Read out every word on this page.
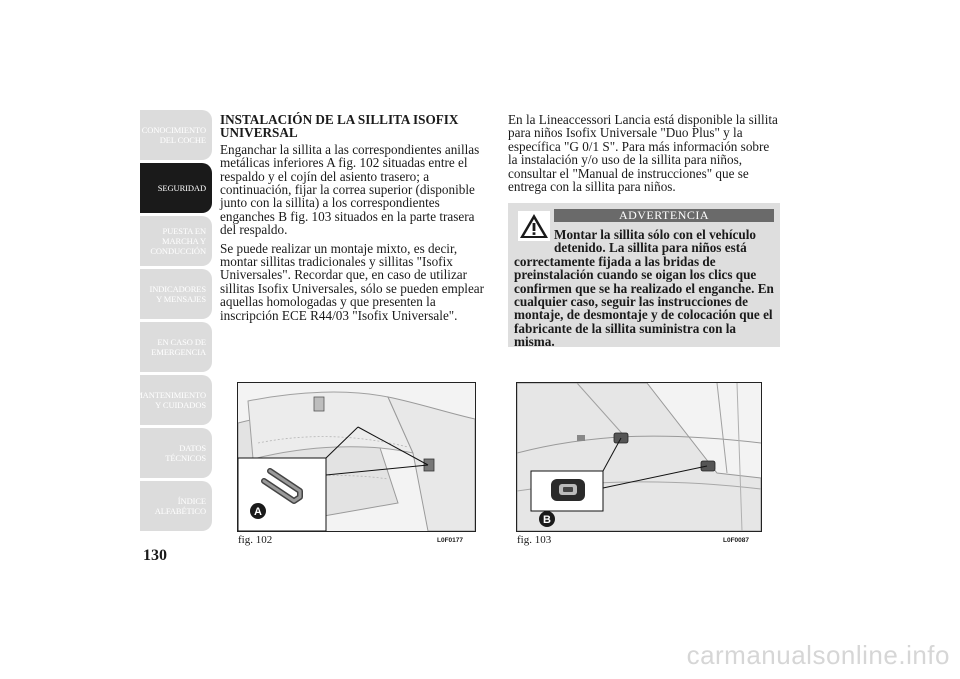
CONOCIMIENTO DEL COCHE
SEGURIDAD
PUESTA EN MARCHA Y CONDUCCIÓN
INDICADORES Y MENSAJES
EN CASO DE EMERGENCIA
MANTENIMIENTO Y CUIDADOS
DATOS TÉCNICOS
ÍNDICE ALFABÉTICO
130
INSTALACIÓN DE LA SILLITA ISOFIX UNIVERSAL

Enganchar la sillita a las correspondientes anillas metálicas inferiores A fig. 102 situadas entre el respaldo y el cojín del asiento trasero; a continuación, fijar la correa superior (disponible junto con la sillita) a los correspondientes enganches B fig. 103 situados en la parte trasera del respaldo.

Se puede realizar un montaje mixto, es decir, montar sillitas tradicionales y sillitas "Isofix Universales". Recordar que, en caso de utilizar sillitas Isofix Universales, sólo se pueden emplear aquellas homologadas y que presenten la inscripción ECE R44/03 "Isofix Universale".

En la Lineaccessori Lancia está disponible la sillita para niños Isofix Universale "Duo Plus" y la específica "G 0/1 S". Para más información sobre la instalación y/o uso de la sillita para niños, consultar el "Manual de instrucciones" que se entrega con la sillita para niños.

ADVERTENCIA
Montar la sillita sólo con el vehículo detenido. La sillita para niños está
correctamente fijada a las bridas de preinstalación cuando se oigan los clics que confirmen que se ha realizado el enganche. En cualquier caso, seguir las instrucciones de montaje, de desmontaje y de colocación que el fabricante de la sillita suministra con la misma.
A
fig. 102	L0F0177
B
fig. 103	L0F0087
carmanualsonline.info
